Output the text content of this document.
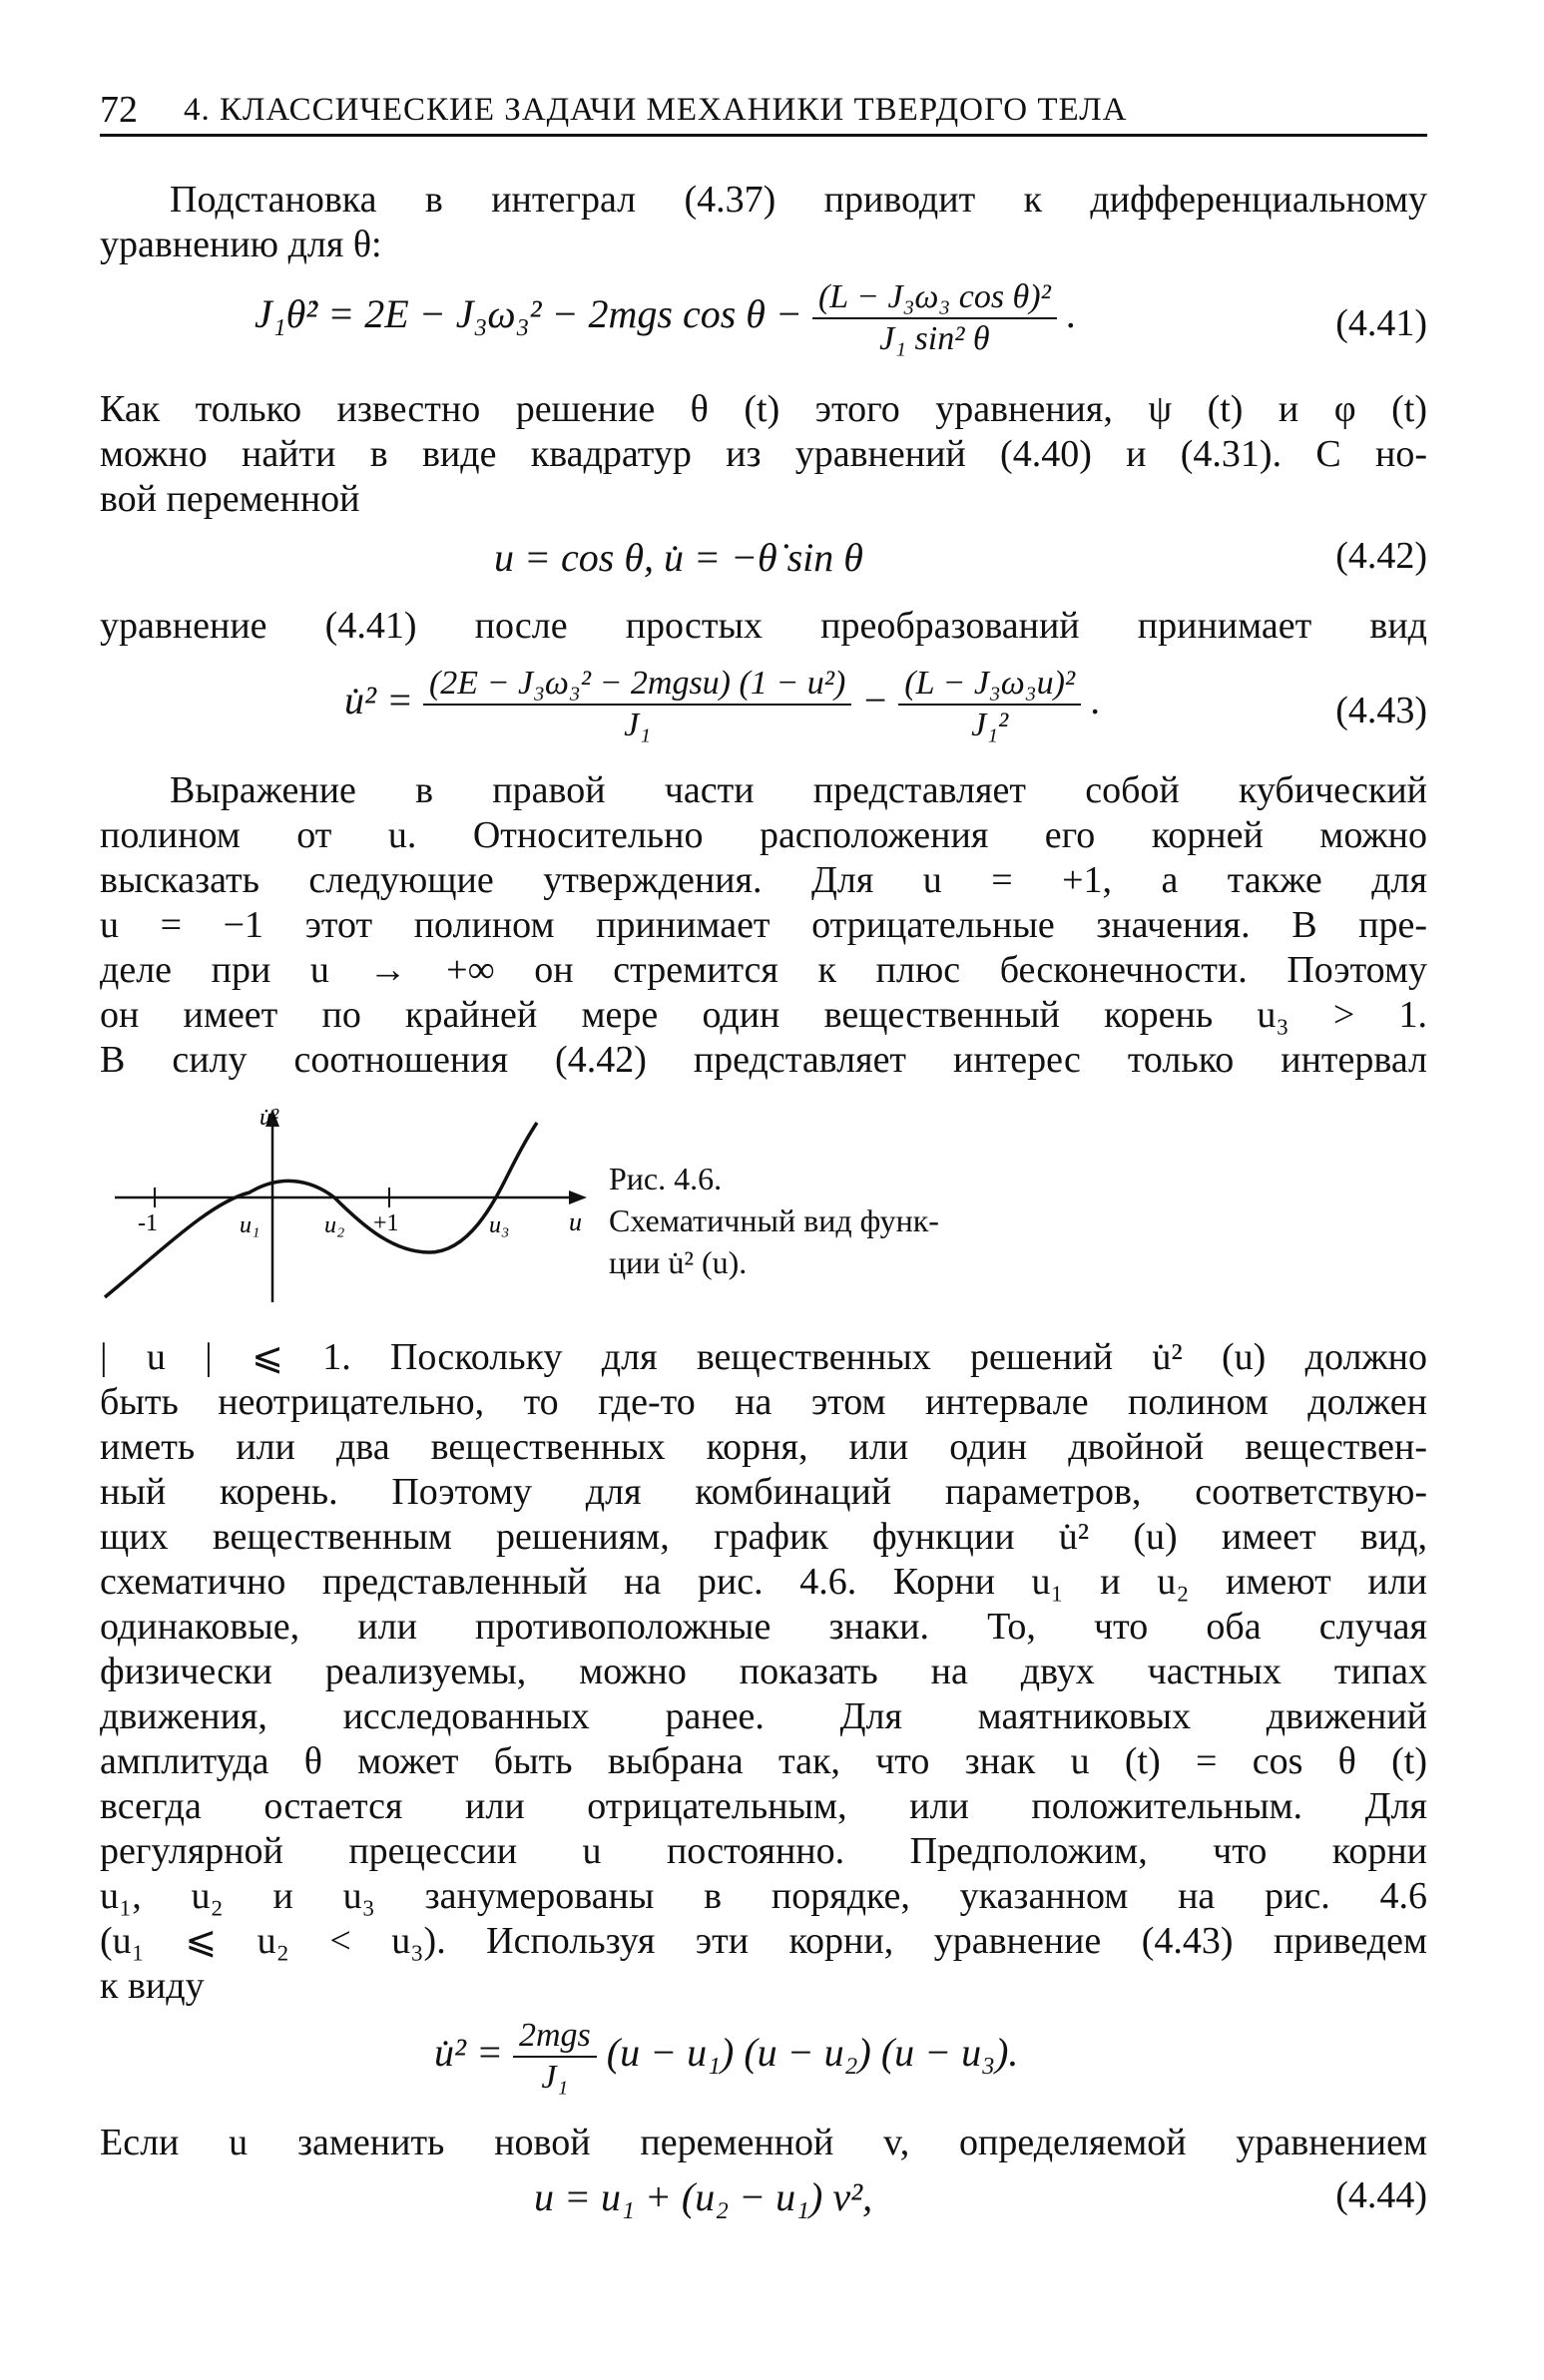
72 4. КЛАССИЧЕСКИЕ ЗАДАЧИ МЕХАНИКИ ТВЕРДОГО ТЕЛА
Подстановка в интеграл (4.37) приводит к дифференциальному
уравнению для θ:
J₁θ̇² = 2E − J₃ω₃² − 2mgs $\cos \theta - \frac{\text{(L − J₃ω₃ cos θ)²}}{\text{J₁ sin² θ}}$ .	(4.41)
Как только известно решение θ (t) этого уравнения, ψ (t) и φ (t)
можно найти в виде квадратур из уравнений (4.40) и (4.31). С но-
вой переменной
u = cos θ, u̇ = −θ̇ sin θ	(4.42)
уравнение (4.41) после простых преобразований принимает вид
u̇² = $\frac{\text{(2E − J₃ω₃² − 2mgsu) (1 − u²)}}{\text{J₁}} - \frac{\text{(L − J₃ω₃u)²}}{\text{J₁²}}$ .	(4.43)
Выражение в правой части представляет собой кубический
полином от u. Относительно расположения его корней можно
высказать следующие утверждения. Для u = +1, а также для
u = −1 этот полином принимает отрицательные значения. В пре-
деле при u → +∞ он стремится к плюс бесконечности. Поэтому
он имеет по крайней мере один вещественный корень u₃ > 1.
В силу соотношения (4.42) представляет интерес только интервал
u̇²
u
-1	+1
u₁	u₂	u₃
Рис. 4.6.
Схематичный вид функ-
ции u̇² (u).
| u | ⩽ 1. Поскольку для вещественных решений u̇² (u) должно
быть неотрицательно, то где-то на этом интервале полином должен
иметь или два вещественных корня, или один двойной веществен-
ный корень. Поэтому для комбинаций параметров, соответствую-
щих вещественным решениям, график функции u̇² (u) имеет вид,
схематично представленный на рис. 4.6. Корни u₁ и u₂ имеют или
одинаковые, или противоположные знаки. То, что оба случая
физически реализуемы, можно показать на двух частных типах
движения, исследованных ранее. Для маятниковых движений
амплитуда θ может быть выбрана так, что знак u (t) = cos θ (t)
всегда остается или отрицательным, или положительным. Для
регулярной прецессии u постоянно. Предположим, что корни
u₁, u₂ и u₃ занумерованы в порядке, указанном на рис. 4.6
(u₁ ⩽ u₂ < u₃). Используя эти корни, уравнение (4.43) приведем
к виду
u̇² = $\frac{\text{2mgs}}{\text{J₁}} (u - u_1) (u - u_2) (u - u_3)$.
Если u заменить новой переменной v, определяемой уравнением
u = u₁ + (u₂ − u₁) v²,	(4.44)
